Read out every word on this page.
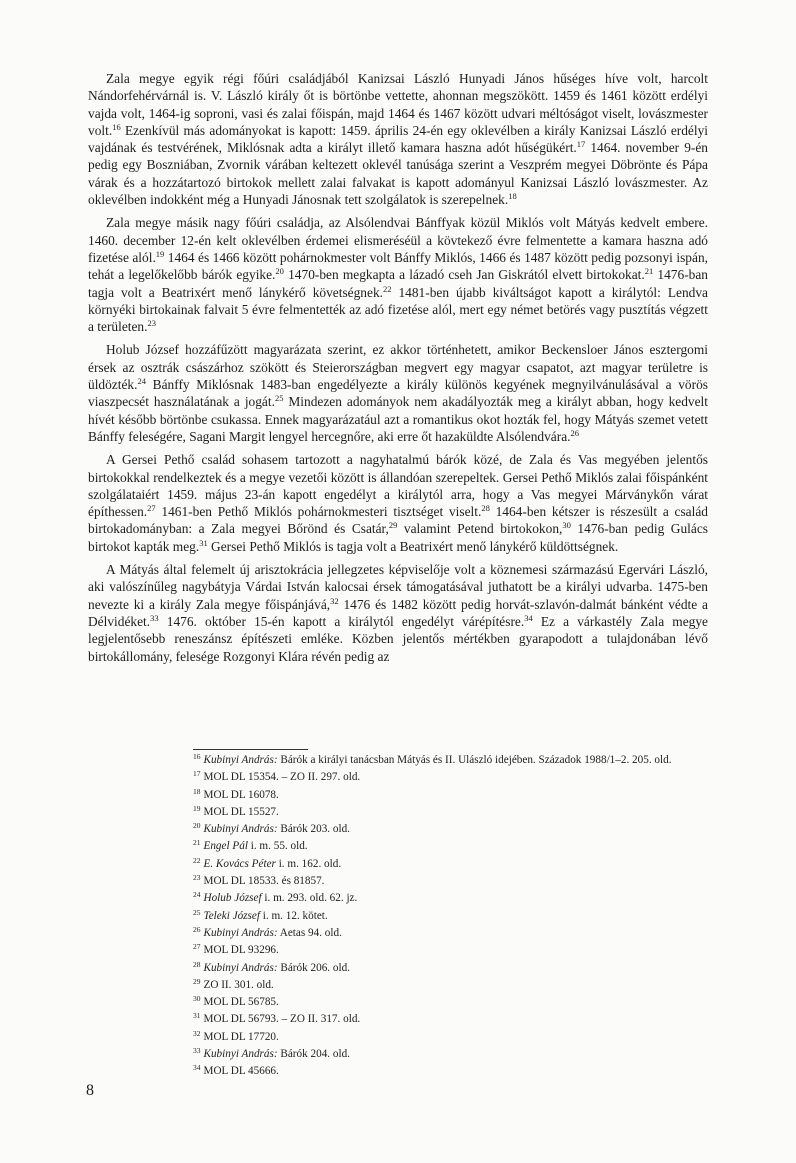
Zala megye egyik régi főúri családjából Kanizsai László Hunyadi János hűséges híve volt, harcolt Nándorfehérvárnál is. V. László király őt is börtönbe vettette, ahonnan megszökött. 1459 és 1461 között erdélyi vajda volt, 1464-ig soproni, vasi és zalai főispán, majd 1464 és 1467 között udvari méltóságot viselt, lovászmester volt.$^{16}$ Ezenkívül más adományokat is kapott: 1459. április 24-én egy oklevélben a király Kanizsai László erdélyi vajdának és testvérének, Miklósnak adta a királyt illető kamara haszna adót hűségükért.$^{17}$ 1464. november 9-én pedig egy Boszniában, Zvornik várában keltezett oklevél tanúsága szerint a Veszprém megyei Döbrönte és Pápa várak és a hozzátartozó birtokok mellett zalai falvakat is kapott adományul Kanizsai László lovászmester. Az oklevélben indokként még a Hunyadi Jánosnak tett szolgálatok is szerepelnek.$^{18}$

Zala megye másik nagy főúri családja, az Alsólendvai Bánffyak közül Miklós volt Mátyás kedvelt embere. 1460. december 12-én kelt oklevélben érdemei elismeréséül a kövtekező évre felmentette a kamara haszna adó fizetése alól.$^{19}$ 1464 és 1466 között pohárnokmester volt Bánffy Miklós, 1466 és 1487 között pedig pozsonyi ispán, tehát a legelőkelőbb bárók egyike.$^{20}$ 1470-ben megkapta a lázadó cseh Jan Giskrától elvett birtokokat.$^{21}$ 1476-ban tagja volt a Beatrixért menő lánykérő követségnek.$^{22}$ 1481-ben újabb kiváltságot kapott a királytól: Lendva környéki birtokainak falvait 5 évre felmentették az adó fizetése alól, mert egy német betörés vagy pusztítás végzett a területen.$^{23}$

Holub József hozzáfűzött magyarázata szerint, ez akkor történhetett, amikor Beckensloer János esztergomi érsek az osztrák császárhoz szökött és Steierországban megvert egy magyar csapatot, azt magyar területre is üldözték.$^{24}$ Bánffy Miklósnak 1483-ban engedélyezte a király különös kegyének megnyilvánulásával a vörös viaszpecsét használatának a jogát.$^{25}$ Mindezen adományok nem akadályozták meg a királyt abban, hogy kedvelt hívét később börtönbe csukassa. Ennek magyarázatául azt a romantikus okot hozták fel, hogy Mátyás szemet vetett Bánffy feleségére, Sagani Margit lengyel hercegnőre, aki erre őt hazaküldte Alsólendvára.$^{26}$

A Gersei Pethő család sohasem tartozott a nagyhatalmú bárók közé, de Zala és Vas megyében jelentős birtokokkal rendelkeztek és a megye vezetői között is állandóan szerepeltek. Gersei Pethő Miklós zalai főispánként szolgálataiért 1459. május 23-án kapott engedélyt a királytól arra, hogy a Vas megyei Márványkőn várat építhessen.$^{27}$ 1461-ben Pethő Miklós pohárnokmesteri tisztséget viselt.$^{28}$ 1464-ben kétszer is részesült a család birtokadományban: a Zala megyei Bőrönd és Csatár,$^{29}$ valamint Petend birtokokon,$^{30}$ 1476-ban pedig Gulács birtokot kapták meg.$^{31}$ Gersei Pethő Miklós is tagja volt a Beatrixért menő lánykérő küldöttségnek.

A Mátyás által felemelt új arisztokrácia jellegzetes képviselője volt a köznemesi származású Egervári László, aki valószínűleg nagybátyja Várdai István kalocsai érsek támogatásával juthatott be a királyi udvarba. 1475-ben nevezte ki a király Zala megye főispánjává,$^{32}$ 1476 és 1482 között pedig horvát-szlavón-dalmát bánként védte a Délvidéket.$^{33}$ 1476. október 15-én kapott a királytól engedélyt várépítésre.$^{34}$ Ez a várkastély Zala megye legjelentősebb reneszánsz építészeti emléke. Közben jelentős mértékben gyarapodott a tulajdonában lévő birtokállomány, felesége Rozgonyi Klára révén pedig az

$^{16}$ Kubinyi András: Bárók a királyi tanácsban Mátyás és II. Ulászló idejében. Századok 1988/1–2. 205. old.
$^{17}$ MOL DL 15354. – ZO II. 297. old.
$^{18}$ MOL DL 16078.
$^{19}$ MOL DL 15527.
$^{20}$ Kubinyi András: Bárók 203. old.
$^{21}$ Engel Pál i. m. 55. old.
$^{22}$ E. Kovács Péter i. m. 162. old.
$^{23}$ MOL DL 18533. és 81857.
$^{24}$ Holub József i. m. 293. old. 62. jz.
$^{25}$ Teleki József i. m. 12. kötet.
$^{26}$ Kubinyi András: Aetas 94. old.
$^{27}$ MOL DL 93296.
$^{28}$ Kubinyi András: Bárók 206. old.
$^{29}$ ZO II. 301. old.
$^{30}$ MOL DL 56785.
$^{31}$ MOL DL 56793. – ZO II. 317. old.
$^{32}$ MOL DL 17720.
$^{33}$ Kubinyi András: Bárók 204. old.
$^{34}$ MOL DL 45666.
8
